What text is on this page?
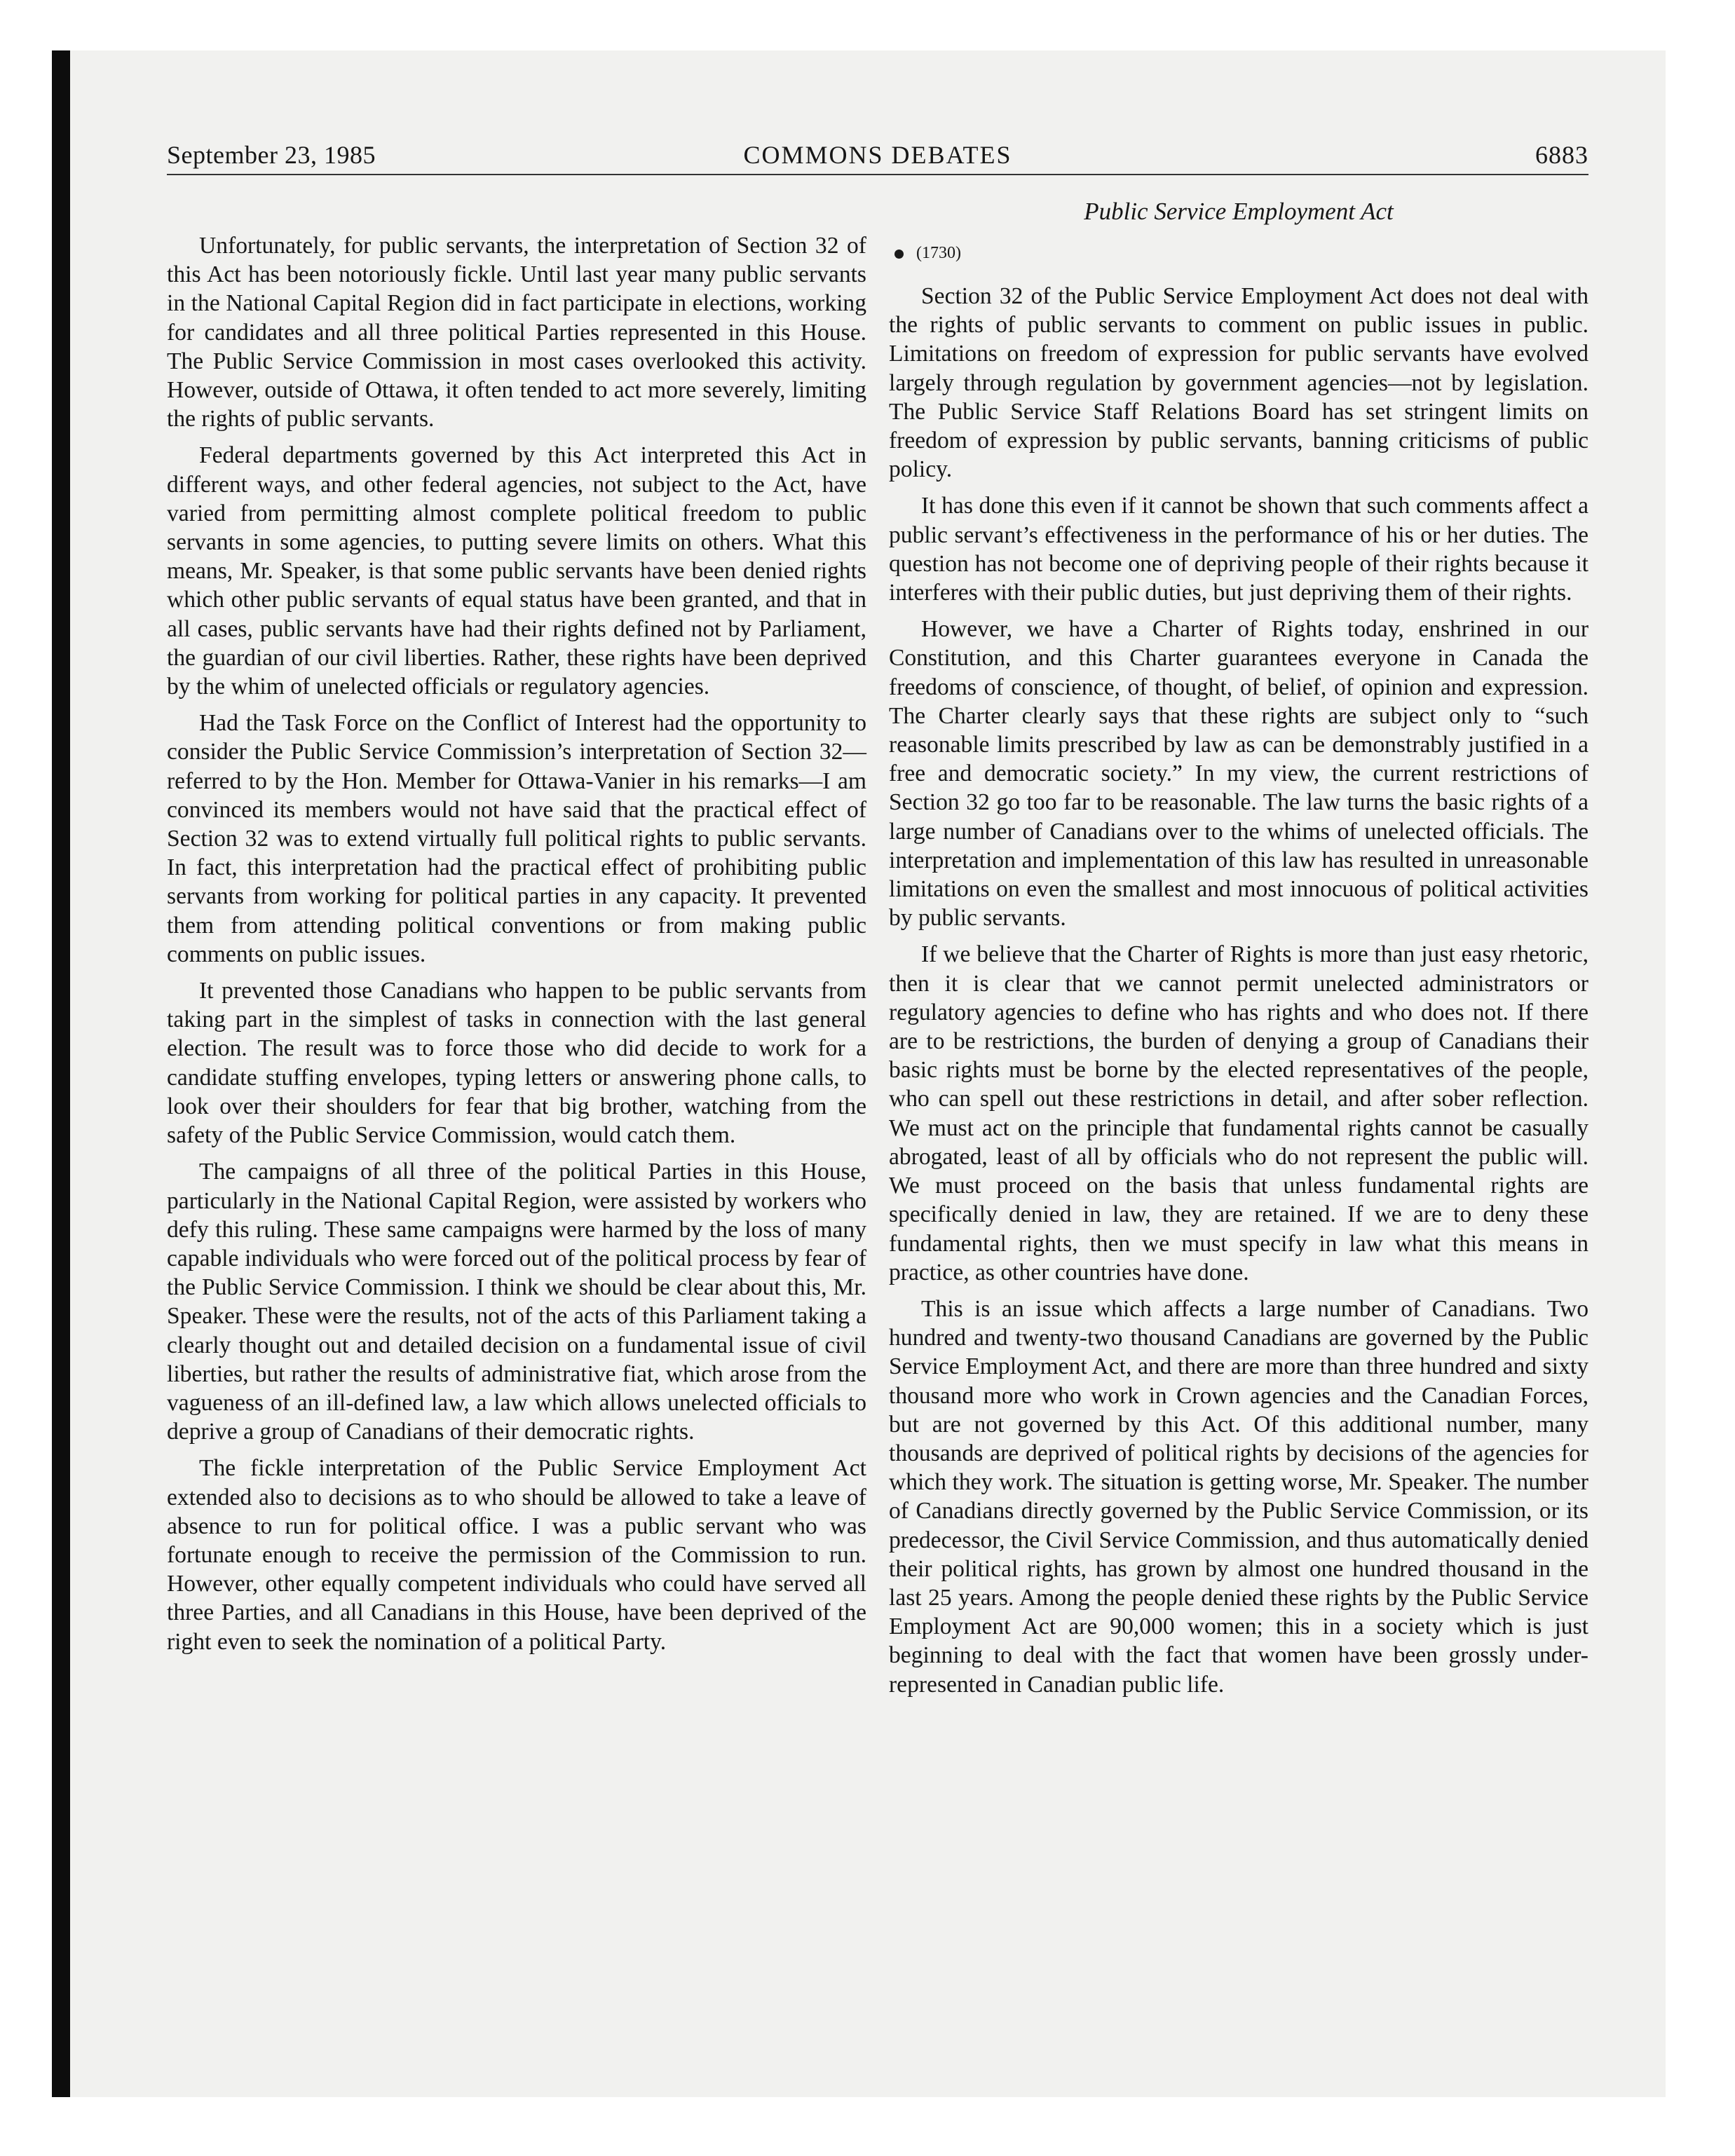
September 23, 1985	COMMONS DEBATES	6883

Unfortunately, for public servants, the interpretation of Section 32 of this Act has been notoriously fickle. Until last year many public servants in the National Capital Region did in fact participate in elections, working for candidates and all three political Parties represented in this House. The Public Service Commission in most cases overlooked this activity. However, outside of Ottawa, it often tended to act more severely, limiting the rights of public servants.

Federal departments governed by this Act interpreted this Act in different ways, and other federal agencies, not subject to the Act, have varied from permitting almost complete political freedom to public servants in some agencies, to putting severe limits on others. What this means, Mr. Speaker, is that some public servants have been denied rights which other public servants of equal status have been granted, and that in all cases, public servants have had their rights defined not by Parliament, the guardian of our civil liberties. Rather, these rights have been deprived by the whim of unelected officials or regulatory agencies.

Had the Task Force on the Conflict of Interest had the opportunity to consider the Public Service Commission’s interpretation of Section 32—referred to by the Hon. Member for Ottawa-Vanier in his remarks—I am convinced its members would not have said that the practical effect of Section 32 was to extend virtually full political rights to public servants. In fact, this interpretation had the practical effect of prohibiting public servants from working for political parties in any capacity. It prevented them from attending political conventions or from making public comments on public issues.

It prevented those Canadians who happen to be public servants from taking part in the simplest of tasks in connection with the last general election. The result was to force those who did decide to work for a candidate stuffing envelopes, typing letters or answering phone calls, to look over their shoulders for fear that big brother, watching from the safety of the Public Service Commission, would catch them.

The campaigns of all three of the political Parties in this House, particularly in the National Capital Region, were assisted by workers who defy this ruling. These same campaigns were harmed by the loss of many capable individuals who were forced out of the political process by fear of the Public Service Commission. I think we should be clear about this, Mr. Speaker. These were the results, not of the acts of this Parliament taking a clearly thought out and detailed decision on a fundamental issue of civil liberties, but rather the results of administrative fiat, which arose from the vagueness of an ill-defined law, a law which allows unelected officials to deprive a group of Canadians of their democratic rights.

The fickle interpretation of the Public Service Employment Act extended also to decisions as to who should be allowed to take a leave of absence to run for political office. I was a public servant who was fortunate enough to receive the permission of the Commission to run. However, other equally competent individuals who could have served all three Parties, and all Canadians in this House, have been deprived of the right even to seek the nomination of a political Party.

Public Service Employment Act
(1730)

Section 32 of the Public Service Employment Act does not deal with the rights of public servants to comment on public issues in public. Limitations on freedom of expression for public servants have evolved largely through regulation by government agencies—not by legislation. The Public Service Staff Relations Board has set stringent limits on freedom of expression by public servants, banning criticisms of public policy.

It has done this even if it cannot be shown that such comments affect a public servant’s effectiveness in the performance of his or her duties. The question has not become one of depriving people of their rights because it interferes with their public duties, but just depriving them of their rights.

However, we have a Charter of Rights today, enshrined in our Constitution, and this Charter guarantees everyone in Canada the freedoms of conscience, of thought, of belief, of opinion and expression. The Charter clearly says that these rights are subject only to “such reasonable limits prescribed by law as can be demonstrably justified in a free and democratic society.” In my view, the current restrictions of Section 32 go too far to be reasonable. The law turns the basic rights of a large number of Canadians over to the whims of unelected officials. The interpretation and implementation of this law has resulted in unreasonable limitations on even the smallest and most innocuous of political activities by public servants.

If we believe that the Charter of Rights is more than just easy rhetoric, then it is clear that we cannot permit unelected administrators or regulatory agencies to define who has rights and who does not. If there are to be restrictions, the burden of denying a group of Canadians their basic rights must be borne by the elected representatives of the people, who can spell out these restrictions in detail, and after sober reflection. We must act on the principle that fundamental rights cannot be casually abrogated, least of all by officials who do not represent the public will. We must proceed on the basis that unless fundamental rights are specifically denied in law, they are retained. If we are to deny these fundamental rights, then we must specify in law what this means in practice, as other countries have done.

This is an issue which affects a large number of Canadians. Two hundred and twenty-two thousand Canadians are governed by the Public Service Employment Act, and there are more than three hundred and sixty thousand more who work in Crown agencies and the Canadian Forces, but are not governed by this Act. Of this additional number, many thousands are deprived of political rights by decisions of the agencies for which they work. The situation is getting worse, Mr. Speaker. The number of Canadians directly governed by the Public Service Commission, or its predecessor, the Civil Service Commission, and thus automatically denied their political rights, has grown by almost one hundred thousand in the last 25 years. Among the people denied these rights by the Public Service Employment Act are 90,000 women; this in a society which is just beginning to deal with the fact that women have been grossly under-represented in Canadian public life.
